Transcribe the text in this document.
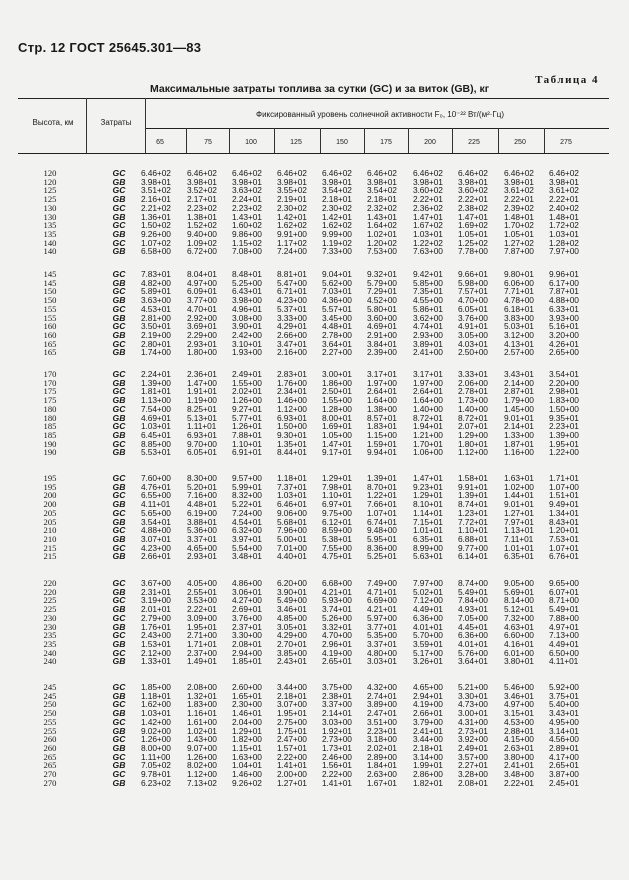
Стр. 12 ГОСТ 25645.301—83
Таблица 4
Максимальные затраты топлива за сутки (GC) и за виток (GB), кг
Высота, км	Затраты
Фиксированный уровень солнечной активности F₀, 10⁻²² Вт/(м²·Гц)
65	75	100	125	150	175	200	225	250	275
120	GC	6.46+02	6.46+02	6.46+02	6.46+02	6.46+02	6.46+02	6.46+02	6.46+02	6.46+02	6.46+02
120	GB	3.98+01	3.98+01	3.98+01	3.98+01	3.98+01	3.98+01	3.98+01	3.98+01	3.98+01	3.98+01
125	GC	3.51+02	3.52+02	3.63+02	3.55+02	3.54+02	3.54+02	3.60+02	3.60+02	3.61+02	3.61+02
125	GB	2.16+01	2.17+01	2.24+01	2.19+01	2.18+01	2.18+01	2.22+01	2.22+01	2.22+01	2.22+01
130	GC	2.21+02	2.23+02	2.23+02	2.30+02	2.30+02	2.32+02	2.36+02	2.38+02	2.39+02	2.40+02
130	GB	1.36+01	1.38+01	1.43+01	1.42+01	1.42+01	1.43+01	1.47+01	1.47+01	1.48+01	1.48+01
135	GC	1.50+02	1.52+02	1.60+02	1.62+02	1.62+02	1.64+02	1.67+02	1.69+02	1.70+02	1.72+02
135	GB	9.26+00	9.40+00	9.86+00	9.91+00	9.99+00	1.02+01	1.03+01	1.05+01	1.05+01	1.03+01
140	GC	1.07+02	1.09+02	1.15+02	1.17+02	1.19+02	1.20+02	1.22+02	1.25+02	1.27+02	1.28+02
140	GB	6.58+00	6.72+00	7.08+00	7.24+00	7.33+00	7.53+00	7.63+00	7.78+00	7.87+00	7.97+00
145	GC	7.83+01	8.04+01	8.48+01	8.81+01	9.04+01	9.32+01	9.42+01	9.66+01	9.80+01	9.96+01
145	GB	4.82+00	4.97+00	5.25+00	5.47+00	5.62+00	5.79+00	5.85+00	5.98+00	6.06+00	6.17+00
150	GC	5.89+01	6.09+01	6.43+01	6.71+01	7.03+01	7.29+01	7.35+01	7.57+01	7.71+01	7.87+01
150	GB	3.63+00	3.77+00	3.98+00	4.23+00	4.36+00	4.52+00	4.55+00	4.70+00	4.78+00	4.88+00
155	GC	4.53+01	4.70+01	4.96+01	5.37+01	5.57+01	5.80+01	5.86+01	6.05+01	6.18+01	6.33+01
155	GB	2.81+00	2.92+00	3.08+00	3.33+00	3.45+00	3.60+00	3.62+00	3.76+00	3.83+00	3.93+00
160	GC	3.50+01	3.69+01	3.90+01	4.29+01	4.48+01	4.69+01	4.74+01	4.91+01	5.03+01	5.16+01
160	GB	2.19+00	2.29+00	2.42+00	2.66+00	2.78+00	2.91+00	2.93+00	3.05+00	3.12+00	3.20+00
165	GC	2.80+01	2.93+01	3.10+01	3.47+01	3.64+01	3.84+01	3.89+01	4.03+01	4.13+01	4.26+01
165	GB	1.74+00	1.80+00	1.93+00	2.16+00	2.27+00	2.39+00	2.41+00	2.50+00	2.57+00	2.65+00
170	GC	2.24+01	2.36+01	2.49+01	2.83+01	3.00+01	3.17+01	3.17+01	3.33+01	3.43+01	3.54+01
170	GB	1.39+00	1.47+00	1.55+00	1.76+00	1.86+00	1.97+00	1.97+00	2.06+00	2.14+00	2.20+00
175	GC	1.81+01	1.91+01	2.02+01	2.34+01	2.50+01	2.64+01	2.64+01	2.78+01	2.87+01	2.98+01
175	GB	1.13+00	1.19+00	1.26+00	1.46+00	1.55+00	1.64+00	1.64+00	1.73+00	1.79+00	1.83+00
180	GC	7.54+00	8.25+01	9.27+01	1.12+00	1.28+00	1.38+00	1.40+00	1.40+00	1.45+00	1.50+00
180	GB	4.69+01	5.13+01	5.77+01	6.93+01	8.00+01	8.57+01	8.72+01	8.72+01	9.01+01	9.35+01
185	GC	1.03+01	1.11+01	1.26+01	1.50+00	1.69+01	1.83+01	1.94+01	2.07+01	2.14+01	2.23+01
185	GB	6.45+01	6.93+01	7.88+01	9.30+01	1.05+00	1.15+00	1.21+00	1.29+00	1.33+00	1.39+00
190	GC	8.85+00	9.70+00	1.10+01	1.35+01	1.47+01	1.59+01	1.70+01	1.80+01	1.87+01	1.95+01
190	GB	5.53+01	6.05+01	6.91+01	8.44+01	9.17+01	9.94+01	1.06+00	1.12+00	1.16+00	1.22+00
195	GC	7.60+00	8.30+00	9.57+00	1.18+01	1.29+01	1.39+01	1.47+01	1.58+01	1.63+01	1.71+01
195	GB	4.76+01	5.20+01	5.99+01	7.37+01	7.98+01	8.70+01	9.23+01	9.91+01	1.02+00	1.07+00
200	GC	6.55+00	7.16+00	8.32+00	1.03+01	1.10+01	1.22+01	1.29+01	1.39+01	1.44+01	1.51+01
200	GB	4.11+01	4.48+01	5.22+01	6.46+01	6.97+01	7.66+01	8.10+01	8.74+01	9.01+01	9.49+01
205	GC	5.65+00	6.19+00	7.24+00	9.06+00	9.75+00	1.07+01	1.14+01	1.23+01	1.27+01	1.34+01
205	GB	3.54+01	3.88+01	4.54+01	5.68+01	6.12+01	6.74+01	7.15+01	7.72+01	7.97+01	8.43+01
210	GC	4.88+00	5.36+00	6.32+00	7.96+00	8.59+00	9.48+00	1.01+01	1.10+01	1.13+01	1.20+01
210	GB	3.07+01	3.37+01	3.97+01	5.00+01	5.38+01	5.95+01	6.35+01	6.88+01	7.11+01	7.53+01
215	GC	4.23+00	4.65+00	5.54+00	7.01+00	7.55+00	8.36+00	8.99+00	9.77+00	1.01+01	1.07+01
215	GB	2.66+01	2.93+01	3.48+01	4.40+01	4.75+01	5.25+01	5.63+01	6.14+01	6.35+01	6.76+01
220	GC	3.67+00	4.05+00	4.86+00	6.20+00	6.68+00	7.49+00	7.97+00	8.74+00	9.05+00	9.65+00
220	GB	2.31+01	2.55+01	3.06+01	3.90+01	4.21+01	4.71+01	5.02+01	5.49+01	5.69+01	6.07+01
225	GC	3.19+00	3.53+00	4.27+00	5.49+00	5.93+00	6.69+00	7.12+00	7.84+00	8.14+00	8.71+00
225	GB	2.01+01	2.22+01	2.69+01	3.46+01	3.74+01	4.21+01	4.49+01	4.93+01	5.12+01	5.49+01
230	GC	2.79+00	3.09+00	3.76+00	4.85+00	5.26+00	5.97+00	6.36+00	7.05+00	7.32+00	7.88+00
230	GB	1.76+01	1.95+01	2.37+01	3.05+01	3.32+01	3.77+01	4.01+01	4.45+01	4.63+01	4.97+01
235	GC	2.43+00	2.71+00	3.30+00	4.29+00	4.70+00	5.35+00	5.70+00	6.36+00	6.60+00	7.13+00
235	GB	1.53+01	1.71+01	2.08+01	2.70+01	2.96+01	3.37+01	3.59+01	4.01+01	4.16+01	4.49+01
240	GC	2.12+00	2.37+00	2.94+00	3.85+00	4.19+00	4.80+00	5.17+00	5.76+00	6.01+00	6.50+00
240	GB	1.33+01	1.49+01	1.85+01	2.43+01	2.65+01	3.03+01	3.26+01	3.64+01	3.80+01	4.11+01
245	GC	1.85+00	2.08+00	2.60+00	3.44+00	3.75+00	4.32+00	4.65+00	5.21+00	5.46+00	5.92+00
245	GB	1.18+01	1.32+01	1.65+01	2.18+01	2.38+01	2.74+01	2.94+01	3.30+01	3.46+01	3.75+01
250	GC	1.62+00	1.83+00	2.30+00	3.07+00	3.37+00	3.89+00	4.19+00	4.73+00	4.97+00	5.40+00
250	GB	1.03+01	1.16+01	1.46+01	1.95+01	2.14+01	2.47+01	2.66+01	3.00+01	3.15+01	3.43+01
255	GC	1.42+00	1.61+00	2.04+00	2.75+00	3.03+00	3.51+00	3.79+00	4.31+00	4.53+00	4.95+00
255	GB	9.02+00	1.02+01	1.29+01	1.75+01	1.92+01	2.23+01	2.41+01	2.73+01	2.88+01	3.14+01
260	GC	1.26+00	1.43+00	1.82+00	2.47+00	2.73+00	3.18+00	3.44+00	3.92+00	4.15+00	4.56+00
260	GB	8.00+00	9.07+00	1.15+01	1.57+01	1.73+01	2.02+01	2.18+01	2.49+01	2.63+01	2.89+01
265	GC	1.11+00	1.26+00	1.63+00	2.22+00	2.46+00	2.89+00	3.14+00	3.57+00	3.80+00	4.17+00
265	GB	7.05+02	8.02+00	1.04+01	1.41+01	1.56+01	1.84+01	1.99+01	2.27+01	2.41+01	2.65+01
270	GC	9.78+01	1.12+00	1.46+00	2.00+00	2.22+00	2.63+00	2.86+00	3.28+00	3.48+00	3.87+00
270	GB	6.23+02	7.13+02	9.26+02	1.27+01	1.41+01	1.67+01	1.82+01	2.08+01	2.22+01	2.45+01
